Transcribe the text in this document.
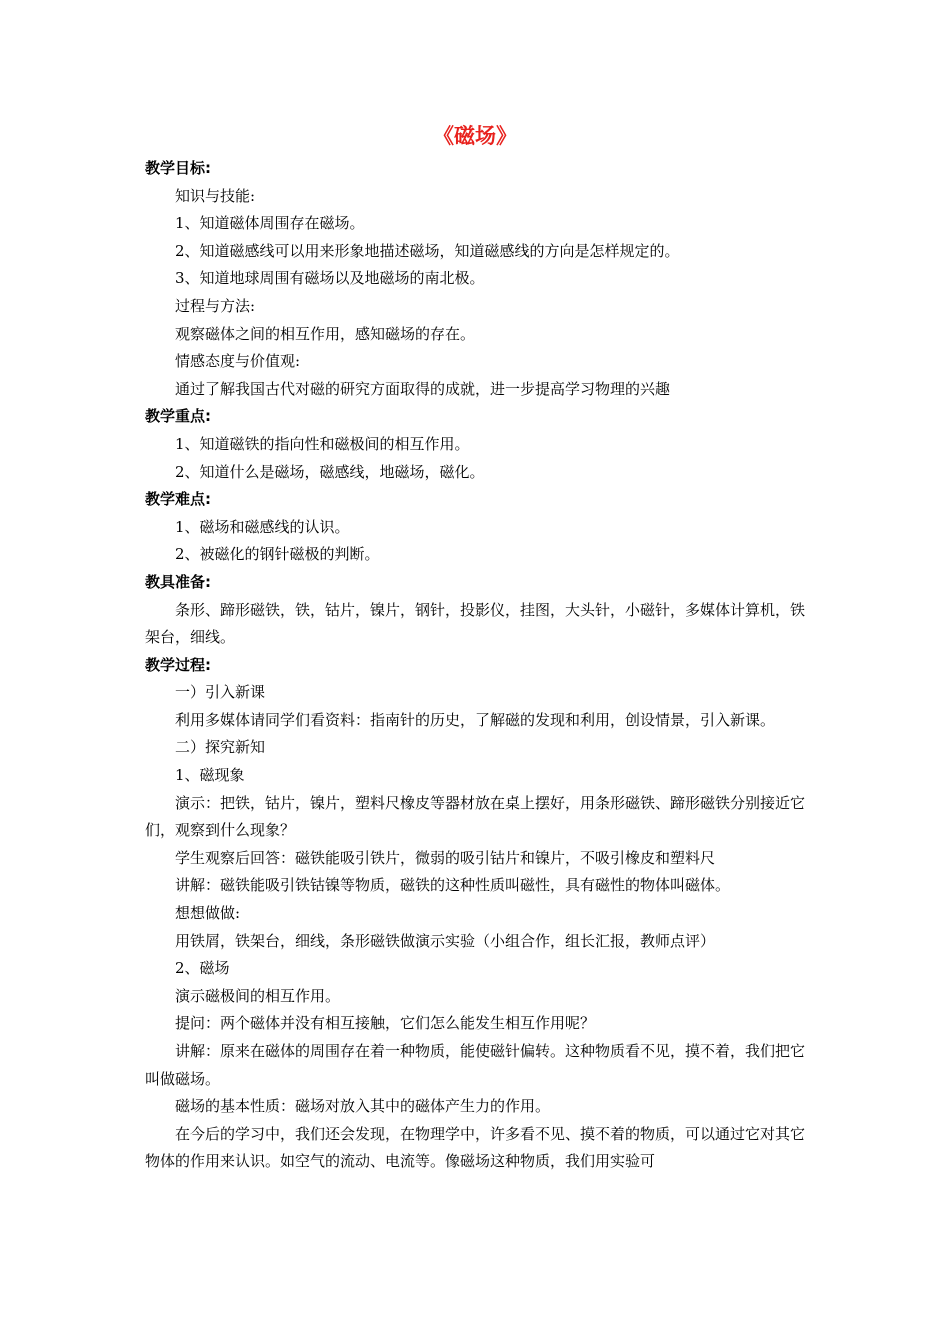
《磁场》
教学目标:
知识与技能:
1、知道磁体周围存在磁场。
2、知道磁感线可以用来形象地描述磁场，知道磁感线的方向是怎样规定的。
3、知道地球周围有磁场以及地磁场的南北极。
过程与方法:
观察磁体之间的相互作用，感知磁场的存在。
情感态度与价值观:
通过了解我国古代对磁的研究方面取得的成就，进一步提高学习物理的兴趣
教学重点:
1、知道磁铁的指向性和磁极间的相互作用。
2、知道什么是磁场，磁感线，地磁场，磁化。
教学难点:
1、磁场和磁感线的认识。
2、被磁化的钢针磁极的判断。
教具准备:
条形、蹄形磁铁，铁，钴片，镍片，钢针，投影仪，挂图，大头针，小磁针，多媒体计算机，铁架台，细线。
教学过程:
一）引入新课
利用多媒体请同学们看资料：指南针的历史，了解磁的发现和利用，创设情景，引入新课。
二）探究新知
1、磁现象
演示：把铁，钴片，镍片，塑料尺橡皮等器材放在桌上摆好，用条形磁铁、蹄形磁铁分别接近它们，观察到什么现象？
学生观察后回答：磁铁能吸引铁片，微弱的吸引钴片和镍片，不吸引橡皮和塑料尺
讲解：磁铁能吸引铁钴镍等物质，磁铁的这种性质叫磁性，具有磁性的物体叫磁体。
想想做做:
用铁屑，铁架台，细线，条形磁铁做演示实验（小组合作，组长汇报，教师点评）
2、磁场
演示磁极间的相互作用。
提问：两个磁体并没有相互接触，它们怎么能发生相互作用呢？
讲解：原来在磁体的周围存在着一种物质，能使磁针偏转。这种物质看不见，摸不着，我们把它叫做磁场。
磁场的基本性质：磁场对放入其中的磁体产生力的作用。
在今后的学习中，我们还会发现，在物理学中，许多看不见、摸不着的物质，可以通过它对其它物体的作用来认识。如空气的流动、电流等。像磁场这种物质，我们用实验可
